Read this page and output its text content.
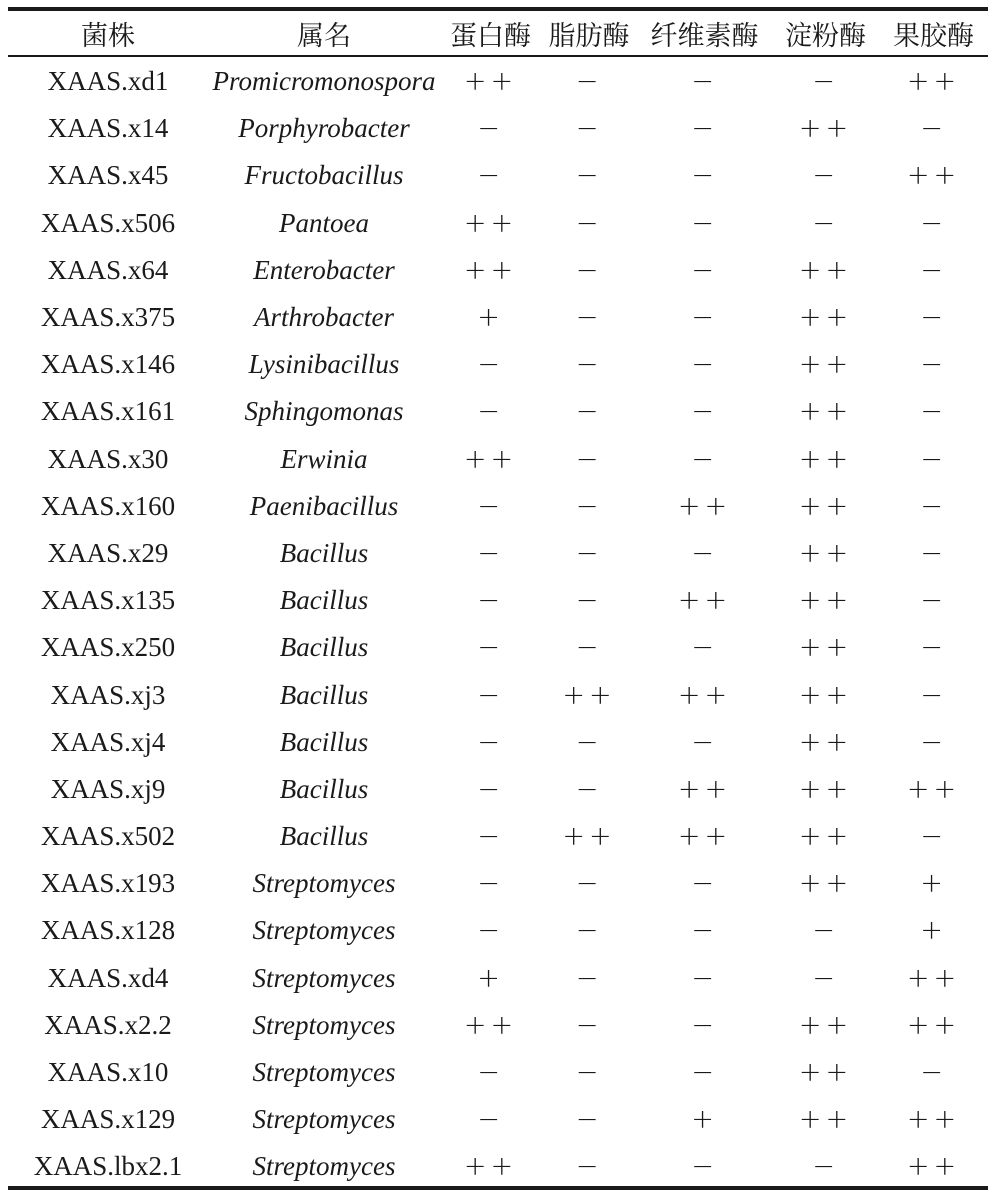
菌株	属名	蛋白酶	脂肪酶	纤维素酶	淀粉酶	果胶酶
XAAS.xd1	Promicromonospora	++	−	−	−	++
XAAS.x14	Porphyrobacter	−	−	−	++	−
XAAS.x45	Fructobacillus	−	−	−	−	++
XAAS.x506	Pantoea	++	−	−	−	−
XAAS.x64	Enterobacter	++	−	−	++	−
XAAS.x375	Arthrobacter	+	−	−	++	−
XAAS.x146	Lysinibacillus	−	−	−	++	−
XAAS.x161	Sphingomonas	−	−	−	++	−
XAAS.x30	Erwinia	++	−	−	++	−
XAAS.x160	Paenibacillus	−	−	++	++	−
XAAS.x29	Bacillus	−	−	−	++	−
XAAS.x135	Bacillus	−	−	++	++	−
XAAS.x250	Bacillus	−	−	−	++	−
XAAS.xj3	Bacillus	−	++	++	++	−
XAAS.xj4	Bacillus	−	−	−	++	−
XAAS.xj9	Bacillus	−	−	++	++	++
XAAS.x502	Bacillus	−	++	++	++	−
XAAS.x193	Streptomyces	−	−	−	++	+
XAAS.x128	Streptomyces	−	−	−	−	+
XAAS.xd4	Streptomyces	+	−	−	−	++
XAAS.x2.2	Streptomyces	++	−	−	++	++
XAAS.x10	Streptomyces	−	−	−	++	−
XAAS.x129	Streptomyces	−	−	+	++	++
XAAS.lbx2.1	Streptomyces	++	−	−	−	++
